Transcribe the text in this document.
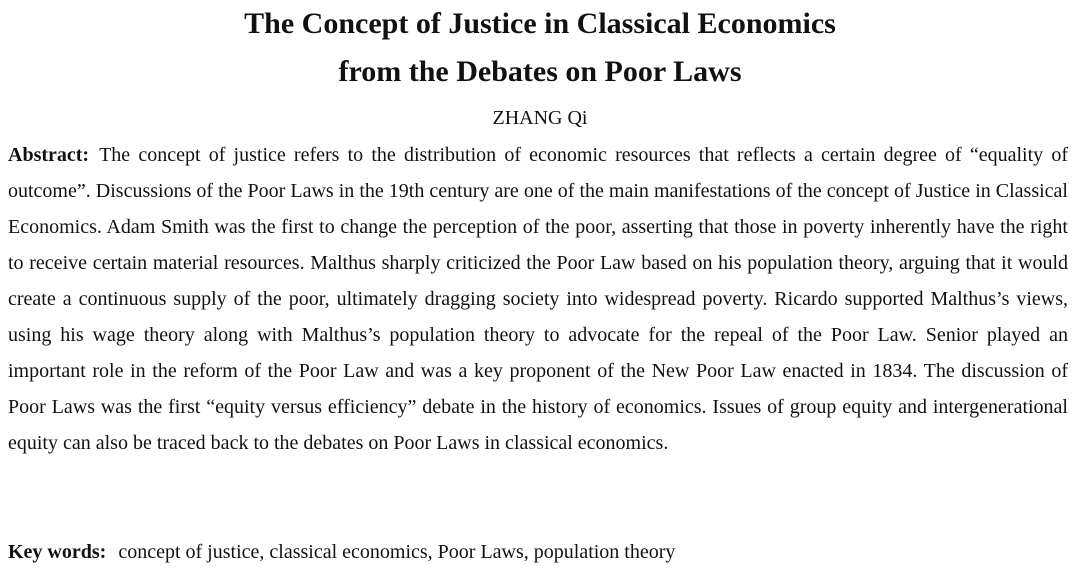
The Concept of Justice in Classical Economics
from the Debates on Poor Laws
ZHANG Qi

Abstract: The concept of justice refers to the distribution of economic resources that reflects a certain degree of “equality of outcome”. Discussions of the Poor Laws in the 19th century are one of the main manifestations of the concept of Justice in Classical Economics. Adam Smith was the first to change the perception of the poor, asserting that those in poverty inherently have the right to receive certain material resources. Malthus sharply criticized the Poor Law based on his population theory, arguing that it would create a continuous supply of the poor, ultimately dragging society into widespread poverty. Ricardo supported Malthus’s views, using his wage theory along with Malthus’s population theory to advocate for the repeal of the Poor Law. Senior played an important role in the reform of the Poor Law and was a key proponent of the New Poor Law enacted in 1834. The discussion of Poor Laws was the first “equity versus efficiency” debate in the history of economics. Issues of group equity and intergenerational equity can also be traced back to the debates on Poor Laws in classical economics.

Key words: concept of justice, classical economics, Poor Laws, population theory
